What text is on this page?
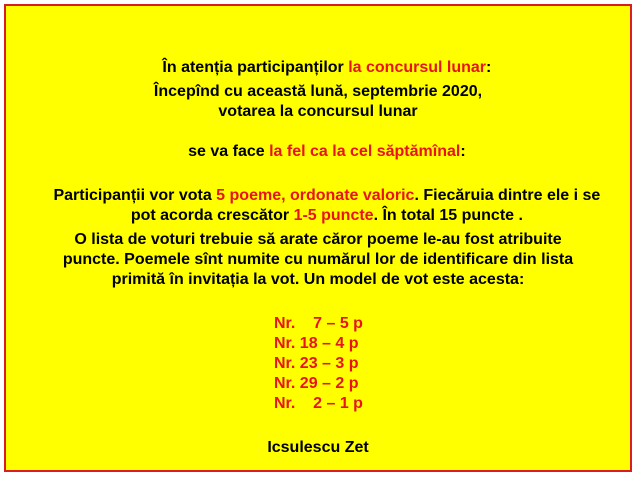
În atenția participanților la concursul lunar:

Începînd cu această lună, septembrie 2020,
votarea la concursul lunar

se va face la fel ca la cel săptămînal:

Participanții vor vota 5 poeme, ordonate valoric. Fiecăruia dintre ele i se

pot acorda crescător 1-5 puncte. În total 15 puncte .

O lista de voturi trebuie să arate căror poeme le-au fost atribuite
puncte. Poemele sînt numite cu numărul lor de identificare din lista
primită în invitația la vot. Un model de vot este acesta:
Nr.    7 – 5 p
Nr. 18 – 4 p
Nr. 23 – 3 p
Nr. 29 – 2 p
Nr.    2 – 1 p
Icsulescu Zet
